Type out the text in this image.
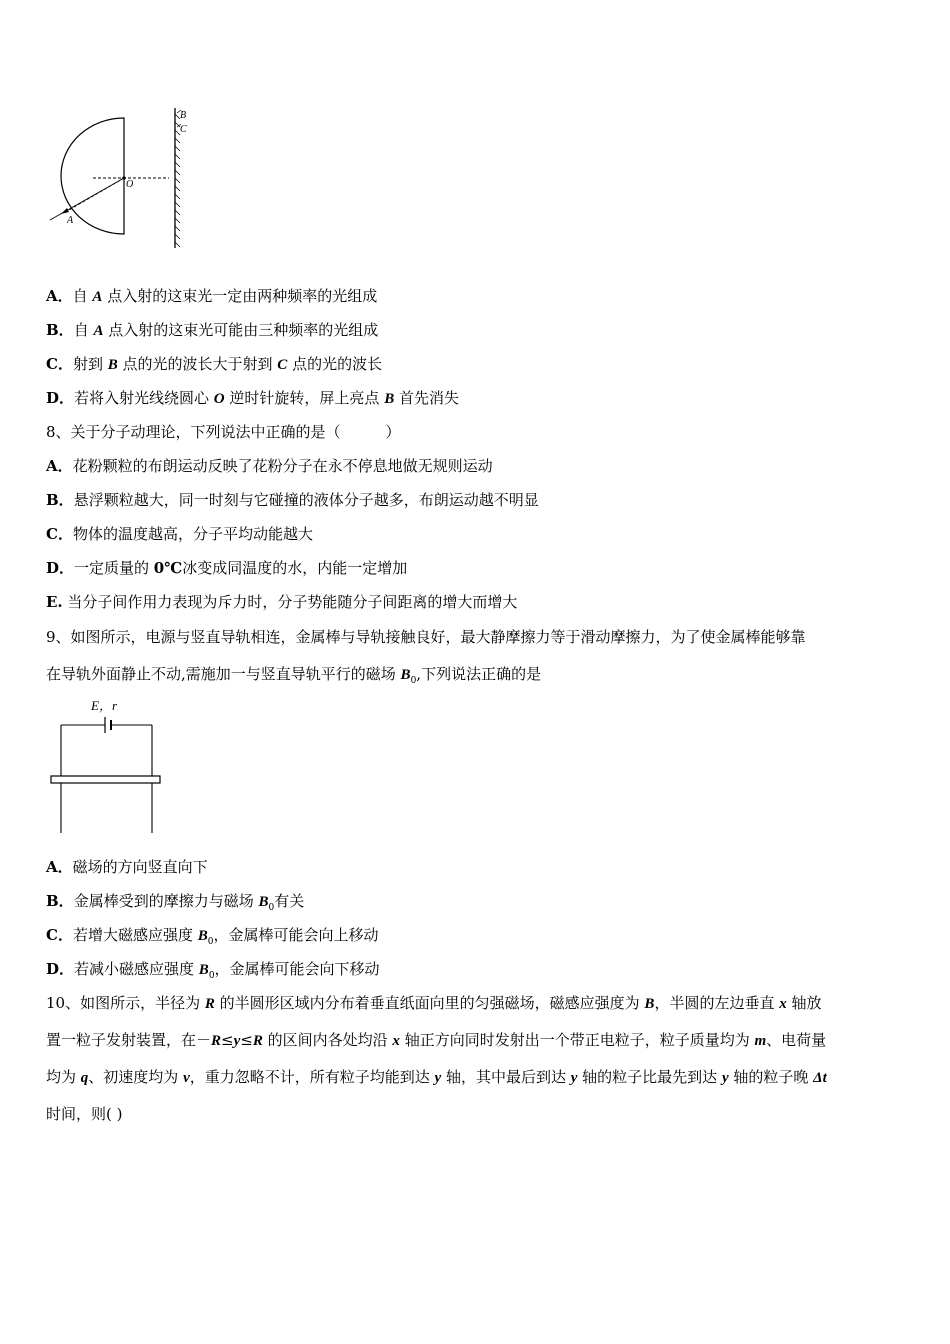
B
C
O
A
A．自 A 点入射的这束光一定由两种频率的光组成
B．自 A 点入射的这束光可能由三种频率的光组成
C．射到 B 点的光的波长大于射到 C 点的光的波长
D．若将入射光线绕圆心 O 逆时针旋转，屏上亮点 B 首先消失
8、关于分子动理论，下列说法中正确的是（　　　）
A．花粉颗粒的布朗运动反映了花粉分子在永不停息地做无规则运动
B．悬浮颗粒越大，同一时刻与它碰撞的液体分子越多，布朗运动越不明显
C．物体的温度越高，分子平均动能越大
D．一定质量的 0℃冰变成同温度的水，内能一定增加
E. 当分子间作用力表现为斥力时，分子势能随分子间距离的增大而增大
9、如图所示，电源与竖直导轨相连，金属棒与导轨接触良好，最大静摩擦力等于滑动摩擦力，为了使金属棒能够靠
在导轨外面静止不动,需施加一与竖直导轨平行的磁场 $B_0$,下列说法正确的是
E，r
A．磁场的方向竖直向下
B．金属棒受到的摩擦力与磁场 $B_0$有关
C．若增大磁感应强度 $B_0$，金属棒可能会向上移动
D．若减小磁感应强度 $B_0$，金属棒可能会向下移动
10、如图所示，半径为 R 的半圆形区域内分布着垂直纸面向里的匀强磁场，磁感应强度为 B，半圆的左边垂直 x 轴放
置一粒子发射装置，在－R≤y≤R 的区间内各处均沿 x 轴正方向同时发射出一个带正电粒子，粒子质量均为 m、电荷量
均为 q、初速度均为 v，重力忽略不计，所有粒子均能到达 y 轴，其中最后到达 y 轴的粒子比最先到达 y 轴的粒子晚 Δt
时间，则( )
